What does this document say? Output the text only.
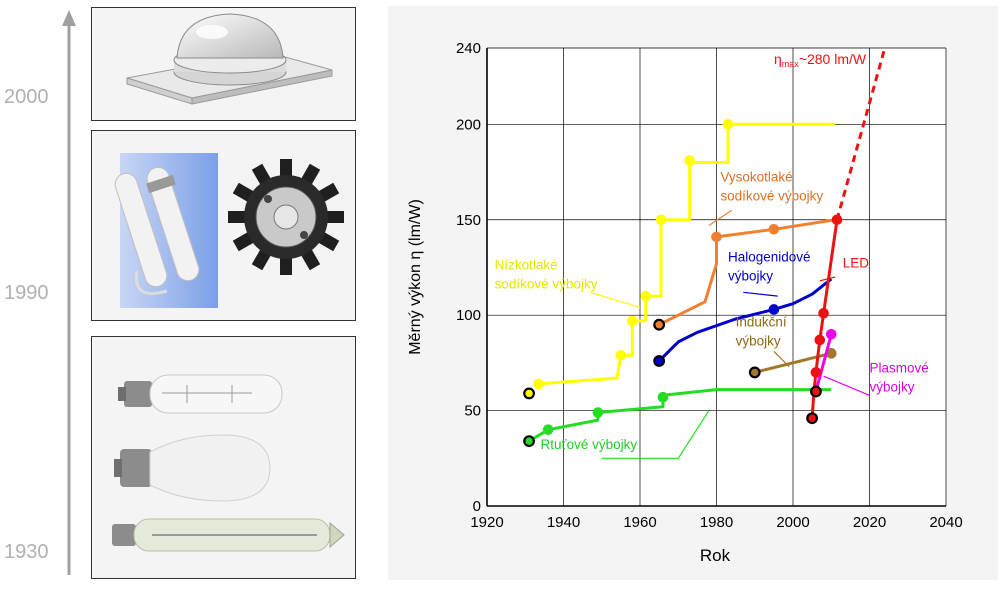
2000
1990
1930
1920	1940	1960	1980	2000	2020	2040
0
50
100
150
200
240
Nízkotlaké sodíkové výbojky
Vysokotlaké sodíkové výbojky
Halogenidové výbojky
Indukční výbojky
Rtuťové výbojky
Plasmové výbojky
LED
Rok
Měrný výkon η (lm/W)
$\eta_{max}\sim 280$ lm/W
